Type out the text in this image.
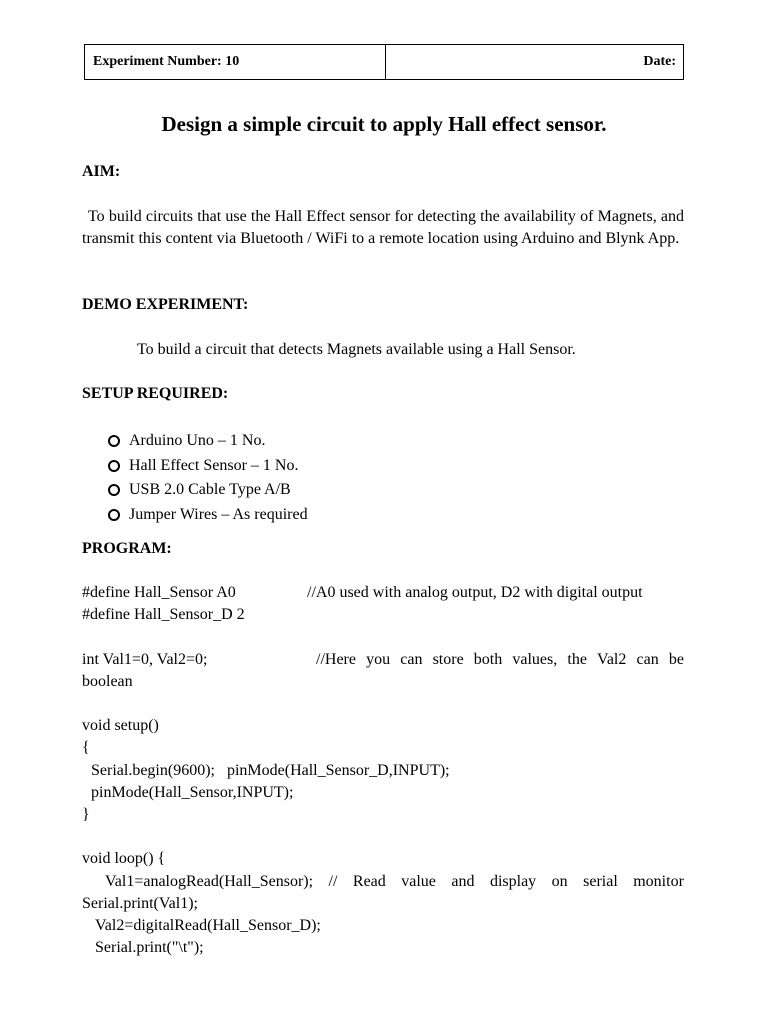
Experiment Number: 10	Date:
Design a simple circuit to apply Hall effect sensor.
AIM:
To build circuits that use the Hall Effect sensor for detecting the availability of Magnets, and transmit this content via Bluetooth / WiFi to a remote location using Arduino and Blynk App.
DEMO EXPERIMENT:
To build a circuit that detects Magnets available using a Hall Sensor.
SETUP REQUIRED:
Arduino Uno – 1 No.
Hall Effect Sensor – 1 No.
USB 2.0 Cable Type A/B
Jumper Wires – As required
PROGRAM:
#define Hall_Sensor A0	//A0 used with analog output, D2 with digital output
#define Hall_Sensor_D 2
int Val1=0, Val2=0;	//Here you can store both values, the Val2 can be
boolean
void setup()
{
Serial.begin(9600);   pinMode(Hall_Sensor_D,INPUT);
pinMode(Hall_Sensor,INPUT);
}
void loop() {
Val1=analogRead(Hall_Sensor); // Read value and display on serial monitor
Serial.print(Val1);
Val2=digitalRead(Hall_Sensor_D);
Serial.print("\t");
